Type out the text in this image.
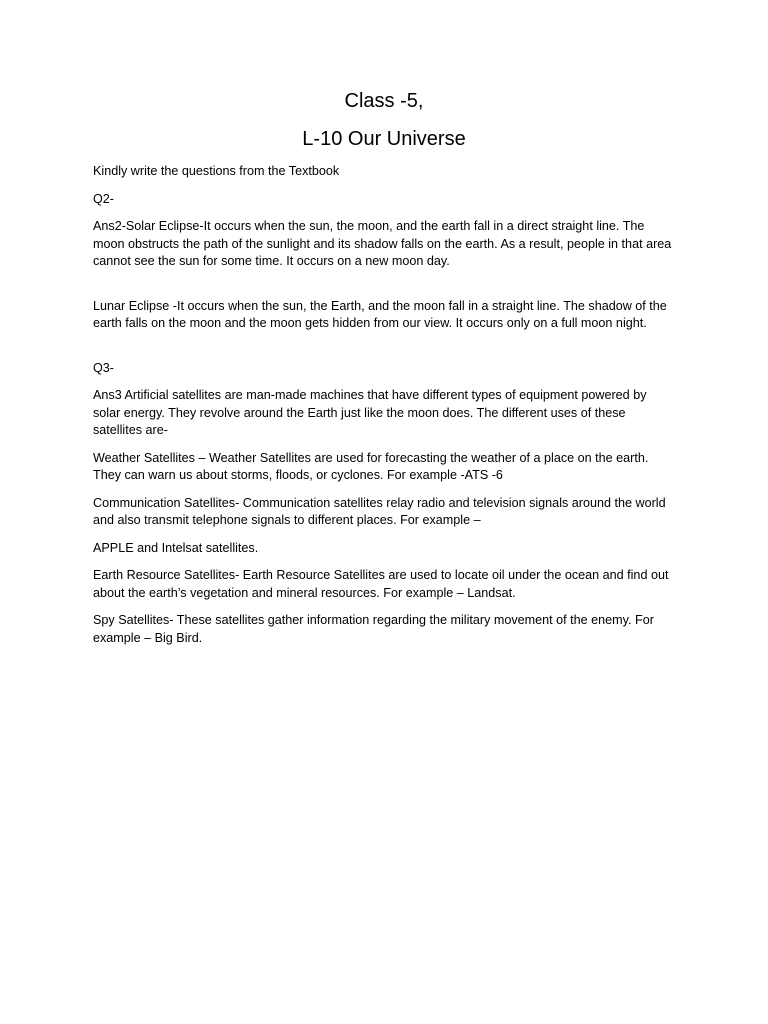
Class -5,
L-10 Our Universe

Kindly write the questions from the Textbook

Q2-

Ans2-Solar Eclipse-It occurs when the sun, the moon, and the earth fall in a direct straight line. The moon obstructs the path of the sunlight and its shadow falls on the earth. As a result, people in that area cannot see the sun for some time. It occurs on a new moon day.

Lunar Eclipse -It occurs when the sun, the Earth, and the moon fall in a straight line. The shadow of the earth falls on the moon and the moon gets hidden from our view. It occurs only on a full moon night.

Q3-

Ans3 Artificial satellites are man-made machines that have different types of equipment powered by solar energy. They revolve around the Earth just like the moon does. The different uses of these satellites are-

Weather Satellites – Weather Satellites are used for forecasting the weather of a place on the earth. They can warn us about storms, floods, or cyclones. For example -ATS -6

Communication Satellites- Communication satellites relay radio and television signals around the world and also transmit telephone signals to different places. For example –

APPLE and Intelsat satellites.

Earth Resource Satellites- Earth Resource Satellites are used to locate oil under the ocean and find out about the earth’s vegetation and mineral resources. For example – Landsat.

Spy Satellites- These satellites gather information regarding the military movement of the enemy. For example – Big Bird.
